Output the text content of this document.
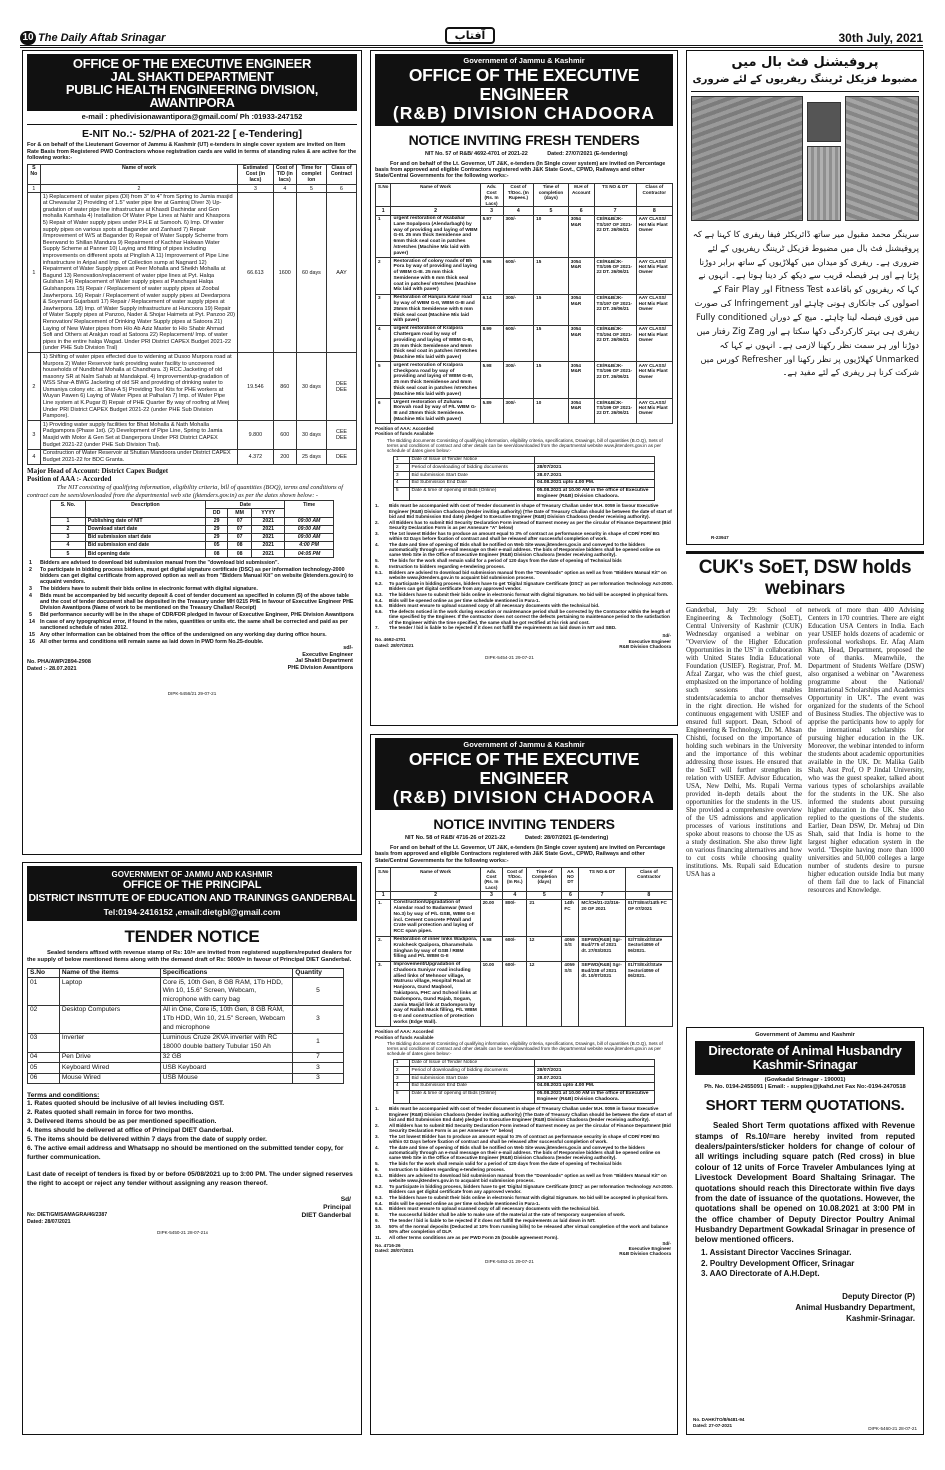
10 The Daily Aftab Srinagar	آفتاب	30th July, 2021
OFFICE OF THE EXECUTIVE ENGINEER
JAL SHAKTI DEPARTMENT
PUBLIC HEALTH ENGINEERING DIVISION, AWANTIPORA
e-mail : phedivisionawantipora@gmail.com/ Ph :01933-247152
E-NIT No.:- 52/PHA of 2021-22 [ e-Tendering]
For & on behalf of the Lieutenant Governor of Jammu & Kashmir (UT) e-tenders in single cover system are invited on Item Rate Basis from Registered PWD Contractors whose registration cards are valid in terms of standing rules & are active for the following works:-
S No	Name of work	Estimated Cost (in lacs)	Cost of T/D (in lacs)	Time for complet ion	Class of Contract
1	2	3	4	5	6
1	1) Replacement of water pipes (DI) from 3" to 4" from Spring to Jamia masjid at Chewaular 2) Providing of 1.5" water pipe line at Gamiraj Diver 3) Up-gradation of water pipe line infrastructure at Khasdi Dachindar and Gon mohalla Kamhala 4) Installation Of Water Pipe Lines at Nahir and Khaspora 5) Repair of Water supply pipes under P.H.E at Samooh. 6) Imp. Of water supply pipes on various spots at Bagander and Zanhard 7) Repair /Improvement of W/S at Bagander 8) Repair of Water Supply Scheme from Beerwand to Shillan Mandura 9) Repairment of Kachhar Hakwan Water Supply Scheme at Panner 10) Laying and fitting of pipes including improvements on different spots at Pinglish A 11) Improvement of Pipe Line infrastructure in Aripal and Imp. of Collection sump at Nagnard 12) Repairment of Water Supply pipes at Peer Mohalla and Sheikh Mohalla at Bagund 13) Renovation/replacement of water pipe lines at Pyt. Halqa Gulshan 14) Replacement of Water supply pipes at Panchayat Halqa Gulshanpora 15) Repair / Replacement of water supply pipes at Zoobal Jawherpora. 16) Repair / Replacement of water supply pipes at Deedarpora & Soyenard Gujarbasti 17) Repair / Replacement of water supply pipes at Jawherpora. 18) Imp. of Water Supply infrastructure at Huncoora 19) Repair of Water Supply pipes at Panzoo, Nader & Shojar Haimets at Pyt. Panzoo 20) Renovation/ Replacement of Drinking Water Supply pipes at Satoora 21) Laying of New Water pipes from H/o Ab Aziz Master to H/o Shabir Ahmad Sofi and Others at Arakjun road at Satoora 22) Replacement/ Imp. of water pipes in the entire halqa Wagad. Under PRI District CAPEX Budget 2021-22 (under PHE Sub Division Tral)	66.613	1600	60 days	AAY
2	1) Shifting of water pipes effected due to widening at Dusoo Murpora road at Murpora 2) Water Reservoir tank providing water facility to uncovered households of Nundbhat Mohalla at Chandhara. 3) RCC Jacketing of old masonry SR at Nalm Sahab at Mandakpal. 4) Improvement/up-gradation of WSS Shar-A BWG Jacketing of old SR and providing of drinking water to Usmaniya colony etc. at Shar-A 5) Providing Tool Kits for PHE workers at Wuyan Pawen 6) Laying of Water Pipes at Palhalan 7) Imp. of Water Pipe Line system at K.Pugar 8) Repair of PHE Quarter By way of roofing at Meej Under PRI District CAPEX Budget 2021-22 (under PHE Sub Division Pampore).	19.546	860	30 days	DEE
DEE
3	1) Providing water supply facilities for Bhat Mohalla & Nath Mohalla Padgampora (Phase 1st). (2) Development of Pipe Line, Spring to Jamia Masjid with Motor & Gen Set at Dangerpora Under PRI District CAPEX Budget 2021-22 (under PHE Sub Division Tral).	9.800	600	30 days	CEE
DEE
4	Construction of Water Reservoir at Shutian Mandoora under District CAPEX Budget 2021-22 for BDC Granta.	4.372	200	25 days	DEE
Major Head of Account: District Capex Budget
Position of AAA :- Accorded
The NIT consisting of qualifying information, eligibility criteria, bill of quantities (BOQ), terms and conditions of contract can be seen/downloaded from the departmental web site (jktenders.gov.in) as per the dates shown below: -
S. No.	Description	Date			Time
		DD	MM	YYYY	
1	Publishing date of NIT	29	07	2021	09:00 AM
2	Download start date	29	07	2021	09:00 AM
3	Bid submission start date	29	07	2021	09:00 AM
4	Bid submission end date	05	08	2021	4:00 PM
5	Bid opening date	08	08	2021	04:05 PM
1	Bidders are advised to download bid submission manual from the "download bid submission".
2	To participate in bidding process bidders, must get digital signature certificate (DSC) as per information technology-2000 bidders can get digital certificate from approved option as well as from "Bidders Manual Kit" on website (jktenders.gov.in) to acquaint vendors.
3	The bidders have to submit their bids online in electronic format with digital signature.
4	Bids must be accompanied by bid security deposit & cost of tender document as specified in column (5) of the above table and the cost of tender document shall be deposited in the Treasury under MH 0215 PHE in favour of Executive Engineer PHE Division Awantipora (Name of work to be mentioned on the Treasury Challan/ Receipt)
5	Bid performance security will be in the shape of CDR/FDR pledged in favour of Executive Engineer, PHE Division Awantipora
14 In case of any typographical error, if found in the rates, quantities or units etc. the same shall be corrected and paid as per sanctioned schedule of rates 2012.
15 Any other information can be obtained from the office of the undersigned on any working day during office hours.
16 All other terms and conditions will remain same as laid down in PWD form No.25-double.
sd/-
Executive Engineer
Jal Shakti Department
PHE Division Awantipora
No. PHA/AWP/2894-2908
Dated :- 28.07.2021
DIPK-5456/21 29-07-21
GOVERNMENT OF JAMMU AND KASHMIR
OFFICE OF THE PRINCIPAL
DISTRICT INSTITUTE OF EDUCATION AND TRAININGS GANDERBAL
Tel:0194-2416152 ,email:dietgbl@gmail.com
TENDER NOTICE
Sealed tenders affixed with revenue stamp of Rs: 10/= are invited from registered suppliers/reputed dealers for the supply of below mentioned items along with the demand draft of Rs: 5000/= in favour of Principal DIET Ganderbal.
S.No	Name of the items	Specifications	Quantity
01	Laptop	Core i5, 10th Gen, 8 GB RAM, 1Tb HDD, Win 10, 15.6" Screen, Webcam, microphone with carry bag	5
02	Desktop Computers	All in One, Core i5, 10th Gen, 8 GB RAM, 1Tb HDD, Win 10, 21.5" Screen, Webcam and microphone	3
03	Inverter	Luminous Cruze 2KVA inverter with RC 18000 double battery Tubular 150 Ah	1
04	Pen Drive	32 GB	7
05	Keyboard Wired	USB Keyboard	3
06	Mouse Wired	USB Mouse	3
Terms and conditions:
1. Rates quoted should be inclusive of all levies including GST.
2. Rates quoted shall remain in force for two months.
3. Delivered items should be as per mentioned specification.
4. Items should be delivered at office of Principal DIET Ganderbal.
5. The items should be delivered within 7 days from the date of supply order.
6. The active email address and Whatsapp no should be mentioned on the submitted tender copy, for further communication.
Last date of receipt of tenders is fixed by or before 05/08/2021 up to 3:00 PM. The under signed reserves the right to accept or reject any tender without assigning any reason thereof.
Sd/
Principal
DIET Ganderbal
No: DIET/GM/SAMAGRA/46/2387
Dated: 28/07/2021
DIPK-5450-21 28-07-21x
Government of Jammu & Kashmir
OFFICE OF THE EXECUTIVE ENGINEER
(R&B) DIVISION CHADOORA
NOTICE INVITING FRESH TENDERS
NIT No. 57 of R&B/ 4692-4701 of 2021-22	Dated: 27/07/2021 (E-tendering)
For and on behalf of the Lt. Governor, UT J&K, e-tenders (In Single cover system) are invited on Percentage basis from approved and eligible Contractors registered with J&K State Govt., CPWD, Railways and other State/Central Governments for the following works:-
S.No	Name of Work	Adv. Cost (Rs. In Lacs)	Cost of T/Doc. (In Rupees.)	Time of completion (days)	M.H of Account	TS NO & DT	Class of Contractor
1	2	3	4	5	6	7	8
1	urgent restoration of Akabahar Lane Sopalpora (Alendarbagh) by way of providing and laying of WBM G-III. 25 mm thick Semidense and 6mm thick seal coat in patches /stretches (Machine Mix laid with paver)	5.97	300/-	10	3054 M&R	CE/R&B/JK-TS/197 OF 2021-22 DT. 26/06/21	AAY CLASS/ Hot Mix Plant Owner
2	Restoration of colony roads of Bh Pora by way of providing and laying of WBM G-III. 25 mm thick Semidense with 6 mm thick seal coat in patches/ stretches (Machine Mix laid with paver)	9.96	600/-	15	3054 M&R	CE/R&B/JK-TS/195 OF 2021-22 DT. 26/06/21	AAY CLASS/ Hot Mix Plant Owner
3	Restoration of Hanjura Kanir road by way of WBM G-II, WBM G-III and 25mm thick Semidense with 6 mm thick seal coat (Machine Mix laid with paver)	6.14	300/-	15	3054 M&R	CE/R&B/JK-TS/197 OF 2021-22 DT. 26/06/21	AAY CLASS/ Hot Mix Plant Owner
4	urgent restoration of Kralpora Chattergam road by way of providing and laying of WBM G-III, 25 mm thick Semidense and 6mm thick seal coat in patches /stretches (Machine Mix laid with paver)	8.99	600/-	15	3054 M&R	CE/R&B/JK-TS/194 OF 2021-22 DT. 26/06/21	AAY CLASS/ Hot Mix Plant Owner
5	urgent restoration of Kralpora Checkpora road by way of providing and laying of WBM G-III, 25 mm thick Semidense and 6mm thick seal coat in patches /stretches (Machine Mix laid with paver)	5.98	300/-	15	3054 M&R	CE/R&B/JK-TS/196 OF 2021-22 DT. 26/06/21	AAY CLASS/ Hot Mix Plant Owner
6	Urgent restoration of Zuhama Bonvah road by way of P/L WBM G-III and 25mm thick Semidense. (Machine Mix laid with paver)	5.89	300/-	10	3054 M&R	CE/R&B/JK-TS/199 OF 2021-22 DT. 26/06/21	AAY CLASS/ Hot Mix Plant Owner
Position of AAA: Accorded
Position of funds Available
The Bidding documents Consisting of qualifying information, eligibility criteria, specifications, Drawings, bill of quantities (B.O.Q), Sets of terms and conditions of contract and other details can be seen/downloaded from the departmental website www.jktenders.gov.in as per schedule of dates given below:-
1	Date of Issue of Tender Notice	
2	Period of downloading of bidding documents	28/07/2021
3	Bid submission Start Date	28.07.2021
4	Bid Submission End Date	04.08.2021 upto 4.00 PM.
5	Date & time of opening of Bids (Online)	05.08.2021 at 10.00 AM in the office of Executive Engineer (R&B) Division Chadoora.
1.	Bids must be accompanied with cost of Tender document in shape of Treasury Challan under M.H. 0059 in favour Executive Engineer (R&B) Division Chadoora (tender inviting authority) (The Date of Treasury Challan should be between the date of start of bid and Bid Submission End date) pledged to Executive Engineer (R&B) Division Chadoora (tender receiving authority).
2.	All Bidders has to submit Bid Security Declaration Form instead of Earnest money as per the circular of Finance Department (Bid Security Declaration Form is as per Annexure "A" below)
3.	The 1st lowest Bidder has to produce an amount equal to 3% of contract as performance security in shape of CDR/ FDR/ BG within 02 Days before fixation of contract and shall be released after successful completion of work.
4.	The date and time of opening of Bids shall be notified on Web Site www.jktenders.gov.in and conveyed to the bidders automatically through an e-mail message on their e-mail address. The bids of Responsive bidders shall be opened online on same Web Site in the Office of Executive Engineer (R&B) Division Chadoora (tender receiving authority).
5.	The bids for the work shall remain valid for a period of 120 days from the date of opening of Technical bids
6.	Instruction to bidders regarding e-tendering process.
6.1.	Bidders are advised to download bid submission manual from the "Downloads" option as well as from "Bidders Manual Kit" on website www.jktenders.gov.in to acquaint bid submission process.
6.2.	To participate in bidding process, bidders have to get 'Digital Signature Certificate (DSC)' as per Information Technology Act-2000. Bidders can get digital certificate from any approved vendor.
6.3.	The bidders have to submit their bids online in electronic format with digital Signature. No bid will be accepted in physical form.
6.4.	Bids will be opened online as per time schedule mentioned in Para-1.
6.5.	Bidders must ensure to upload scanned copy of all necessary documents with the technical bid.
6.6.	The defects noticed in the work during execution or maintenance period shall be corrected by the Contractor within the length of time specified by the Engineer. If the contractor does not correct the defects pertaining to maintenance period to the satisfaction of the Engineer within the time specified, the same shall be got rectified at his risk and cost.
7.	The tender / bid is liable to be rejected if it does not fulfill the requirements as laid down in NIT and SBD.
Sd/-
Executive Engineer
R&B Division Chadoora
No. 4692-4701
Dated: 28/07/2021
DIPK-5454-21 29-07-21
Government of Jammu & Kashmir
OFFICE OF THE EXECUTIVE ENGINEER
(R&B) DIVISION CHADOORA
NOTICE INVITING TENDERS
NIT No. 58 of R&B/ 4716-26 of 2021-22	Dated: 28/07/2021 (E-tendering)
For and on behalf of the Lt. Governor, UT J&K, e-tenders (In Single cover system) are invited on Percentage basis from approved and eligible Contractors registered with J&K State Govt., CPWD, Railways and other State/Central Governments for the following works:-
S.No	Name of Work	Adv. Cost (Rs. In Lacs)	Cost of T/Doc. (In Rs.)	Time of Completion (days)	AA NO DT	TS NO & DT	Class of Contractor
1	2	3	4	5	6	7	8
1.	Construction/Upgradation of Alamdar road to Badamwar (Ward No.3) by way of P/L GSB, WBM G-II incl. Cement Concrete P/Wall and Crate wall protection and laying of RCC span pipes.	20.00	800/-	21	14th FC	MC/CH/21-22/316-20 OF 2021	01/TS/Ent/14th FC OF 07/2021
2.	Restoration of inner links Wadipora, Kralcheck Qazipora, Dharamshala Singhan by way of GSB / RBM filling and P/L WBM G-II	9.98	600/-	12	4059 S/S	SEPWD(R&B) Sgr-Bud/775 of 2021 dt. 27/03/2021	02/TS/Exit/State Sector/4059 of 06/2021.
3.	Improvement/Upgradation of Chadoora Suniyar road including allied links of Mehnoor village, Watrusu village, Hospital Road at Hanjoora, Gund Maqbool, Takiatpora, PHC and School links at Dadompora, Gund Rajab, Sogam, Jamia Masjid link at Dadompora by way of Nallah Muck filling, P/L WBM G-II and construction of protection works (Edge Wall).	10.00	600/-	12	4059 S/S	SEPWD(R&B) Sgr-Bud/238 of 2021 dt. 10/07/2021	01/TS/Exit/State Sector/4059 of 06/2021.
Position of AAA: Accorded
Position of funds Available
The Bidding documents Consisting of qualifying information, eligibility criteria, specifications, Drawings, bill of quantities (B.O.Q), Sets of terms and conditions of contract and other details can be seen/downloaded from the departmental website www.jktenders.gov.in as per schedule of dates given below:-
1	Date of Issue of Tender Notice	
2	Period of downloading of bidding documents	28/07/2021
3	Bid submission Start Date	28.07.2021
4	Bid Submission End Date	04.08.2021 upto 4.00 PM.
5	Date & time of opening of Bids (Online)	05.08.2021 at 10.00 AM in the office of Executive Engineer (R&B) Division Chadoora.
1.	Bids must be accompanied with cost of Tender document in shape of Treasury Challan under M.H. 0059 in favour Executive Engineer (R&B) Division Chadoora (tender inviting authority) (The Date of Treasury Challan should be between the date of start of bid and Bid Submission End date) pledged to Executive Engineer (R&B) Division Chadoora (tender receiving authority).
2.	All Bidders has to submit Bid Security Declaration Form instead of Earnest money as per the circular of Finance Department (Bid Security Declaration Form is as per Annexure "A" below)
3.	The 1st lowest Bidder has to produce an amount equal to 3% of contract as performance security in shape of CDR/ FDR/ BG within 02 Days before fixation of contract and shall be released after successful completion of work.
4.	The date and time of opening of Bids shall be notified on Web Site www.jktenders.gov.in and conveyed to the bidders automatically through an e-mail message on their e-mail address. The bids of Responsive bidders shall be opened online on same Web Site in the Office of Executive Engineer (R&B) Division Chadoora (tender receiving authority).
5.	The bids for the work shall remain valid for a period of 120 days from the date of opening of Technical bids
6.	Instruction to bidders regarding e-tendering process.
6.1.	Bidders are advised to download bid submission manual from the "Downloads" option as well as from "Bidders Manual Kit" on website www.jktenders.gov.in to acquaint bid submission process.
6.2.	To participate in bidding process, bidders have to get 'Digital Signature Certificate (DSC)' as per Information Technology Act-2000. Bidders can get digital certificate from any approved vendor.
6.3.	The bidders have to submit their bids online in electronic format with digital Signature. No bid will be accepted in physical form.
6.4.	Bids will be opened online as per time schedule mentioned in Para-1.
6.5.	Bidders must ensure to upload scanned copy of all necessary documents with the technical bid.
8.	The successful bidder shall be able to make use of the material at the rate of temporary suspension of work.
9.	The tender / bid is liable to be rejected if it does not fulfill the requirements as laid down in NIT.
10.	50% of the normal deposits (Deducted at 10% from running bills) to be released after virtual completion of the work and balance 50% after completion of DLP.
11.	All other terms conditions are as per PWD Form 25 (Double agreement Form).
Sd/-
Executive Engineer
R&B Division Chadoora
No. 4716-26
Dated: 28/07/2021
DIPK-5453-21 29-07-21
پروفیشنل فٹ بال میں
مضبوط فزیکل ٹریننگ ریفریوں کے لئے ضروری
سرینگر محمد مقبول میر ساتھ ڈائریکٹر فیفا ریفری کا کہنا ہے کہ پروفیشنل فٹ بال میں مضبوط فزیکل ٹریننگ ریفریوں کے لئے ضروری ہے۔ ریفری کو میدان میں کھلاڑیوں کے ساتھ برابر دوڑنا پڑتا ہے اور ہر فیصلہ قریب سے دیکھ کر دینا ہوتا ہے۔ انہوں نے کہا کہ ریفریوں کو باقاعدہ Fitness Test اور Fair Play کے اصولوں کی جانکاری ہونی چاہئے اور Infringement کی صورت میں فوری فیصلہ لینا چاہئے۔ میچ کے دوران Fully conditioned ریفری ہی بہتر کارکردگی دکھا سکتا ہے اور Zig Zag رفتار میں دوڑنا اور ہر سمت نظر رکھنا لازمی ہے۔ انہوں نے کہا کہ Unmarked کھلاڑیوں پر نظر رکھنا اور Refresher کورس میں شرکت کرنا ہر ریفری کے لئے مفید ہے۔
R-23947
CUK's SoET, DSW holds webinars
Ganderbal, July 29: School of Engineering & Technology (SoET), Central University of Kashmir (CUK) Wednesday organised a webinar on "Overview of the Higher Education Opportunities in the US" in collaboration with United States India Educational Foundation (USIEF). Registrar, Prof. M. Afzal Zargar, who was the chief guest, emphasized on the importance of holding such sessions that enables students/academia to anchor themselves in the right direction. He wished for continuous engagement with USIEF and ensured full support. Dean, School of Engineering & Technology, Dr. M. Ahsan Chishti, focused on the importance of holding such webinars in the University and the importance of this webinar addressing those issues. He ensured that the SoET will further strengthen its relation with USIEF. Advisor Education, USA, New Delhi, Ms. Rupali Verma provided in-depth details about the opportunities for the students in the US. She provided a comprehensive overview of the US admissions and application processes of various institutions and spoke about reasons to choose the US as a study destination. She also threw light on various financing alternatives and how to cut costs while choosing quality institutions. Ms. Rupali said Education USA has a
network of more than 400 Advising Centers in 170 countries. There are eight Education USA Centers in India. Each year USIEF holds dozens of academic or professional workshops. Er. Afaq Alam Khan, Head, Department, proposed the vote of thanks. Meanwhile, the Department of Students Welfare (DSW) also organised a webinar on "Awareness programme about the National/ International Scholarships and Academics Opportunity in UK". The event was organized for the students of the School of Business Studies. The objective was to apprise the participants how to apply for the international scholarships for pursuing higher education in the UK. Moreover, the webinar intended to inform the students about academic opportunities available in the UK. Dr. Malika Galib Shah, Asst Prof, O P Jindal University, who was the guest speaker, talked about various types of scholarships available for the students in the UK. She also informed the students about pursuing higher education in the UK. She also replied to the questions of the students. Earlier, Dean DSW, Dr. Mehraj ud Din Shah, said that India is home to the largest higher education system in the world. "Despite having more than 1000 universities and 50,000 colleges a large number of students desire to pursue higher education outside India but many of them fail due to lack of Financial resources and Knowledge.
Government of Jammu and Kashmir
Directorate of Animal Husbandry Kashmir-Srinagar
(Gowkadal Srinagar - 190001)
Ph. No. 0194-2455091 | Email: - suppies@jkahd.net Fax No:-0194-2470518
SHORT TERM QUOTATIONS.
Sealed Short Term quotations affixed with Revenue stamps of Rs.10/=are hereby invited from reputed dealers/painters/sticker holders for change of colour of all writings including square patch (Red cross) in blue colour of 12 units of Force Traveler Ambulances lying at Livestock Development Board Shaltaing Srinagar. The quotations should reach this Directorate within five days from the date of issuance of the quotations. However, the quotations shall be opened on 10.08.2021 at 3:00 PM in the office chamber of Deputy Director Poultry Animal Husbandry Department Gowkadal Srinagar in presence of below mentioned officers.
1. Assistant Director Vaccines Srinagar.
2. Poultry Development Officer, Srinagar
3. AAO Directorate of A.H.Dept.
Deputy Director (P)
Animal Husbandry Department,
Kashmir-Srinagar.
No. DAHK/TO/8/6481-94
Dated: 27-07-2021
DIPK-5460-21 28-07-21
